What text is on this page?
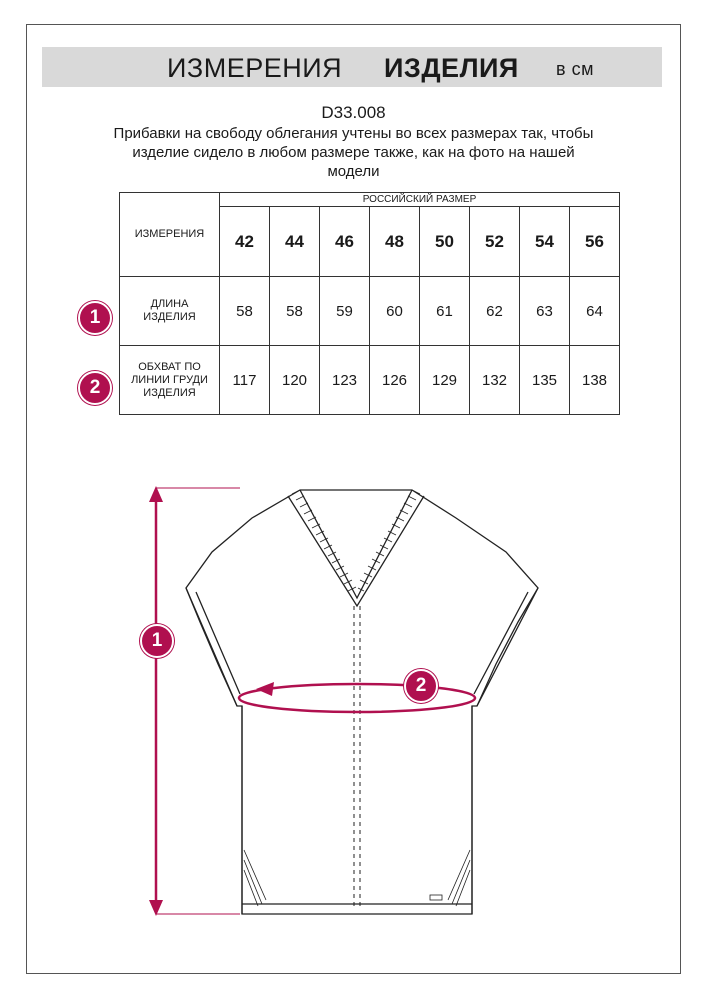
ИЗМЕРЕНИЯ ИЗДЕЛИЯ в см
D33.008
Прибавки на свободу облегания учтены во всех размерах так, чтобы
изделие сидело в любом размере также, как на фото на нашей
модели
ИЗМЕРЕНИЯ	РОССИЙСКИЙ РАЗМЕР							
	42	44	46	48	50	52	54	56

ДЛИНА
ИЗДЕЛИЯ	58	58	59	60	61	62	63	64

ОБХВАТ ПО
ЛИНИИ ГРУДИ
ИЗДЕЛИЯ	117	120	123	126	129	132	135	138
1
2
1
2
